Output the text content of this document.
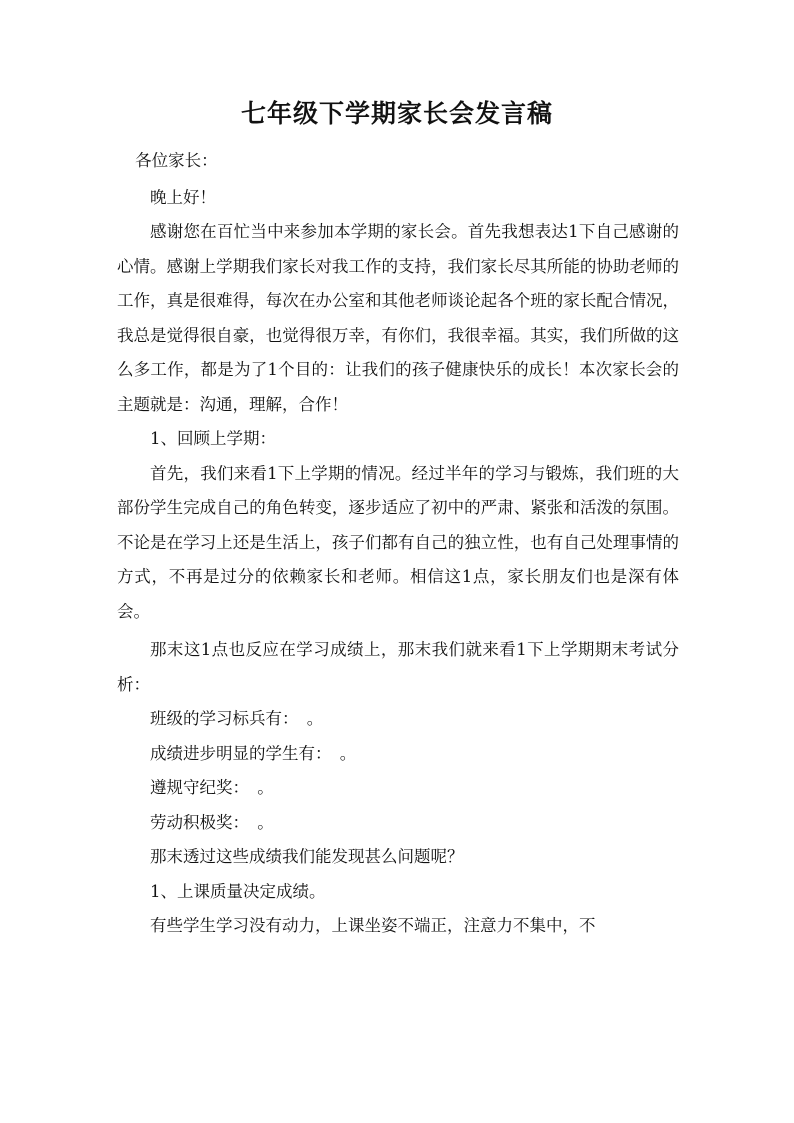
七年级下学期家长会发言稿

各位家长：

晚上好！

感谢您在百忙当中来参加本学期的家长会。首先我想表达1下自己感谢的心情。感谢上学期我们家长对我工作的支持，我们家长尽其所能的协助老师的工作，真是很难得，每次在办公室和其他老师谈论起各个班的家长配合情况，我总是觉得很自豪，也觉得很万幸，有你们，我很幸福。其实，我们所做的这么多工作，都是为了1个目的：让我们的孩子健康快乐的成长！本次家长会的主题就是：沟通，理解，合作！

1、回顾上学期：

首先，我们来看1下上学期的情况。经过半年的学习与锻炼，我们班的大部份学生完成自己的角色转变，逐步适应了初中的严肃、紧张和活泼的氛围。不论是在学习上还是生活上，孩子们都有自己的独立性，也有自己处理事情的方式，不再是过分的依赖家长和老师。相信这1点，家长朋友们也是深有体会。

那末这1点也反应在学习成绩上，那末我们就来看1下上学期期末考试分析：

班级的学习标兵有：　。

成绩进步明显的学生有：　。

遵规守纪奖：　。

劳动积极奖：　。

那末透过这些成绩我们能发现甚么问题呢？

1、上课质量决定成绩。

有些学生学习没有动力，上课坐姿不端正，注意力不集中，不
